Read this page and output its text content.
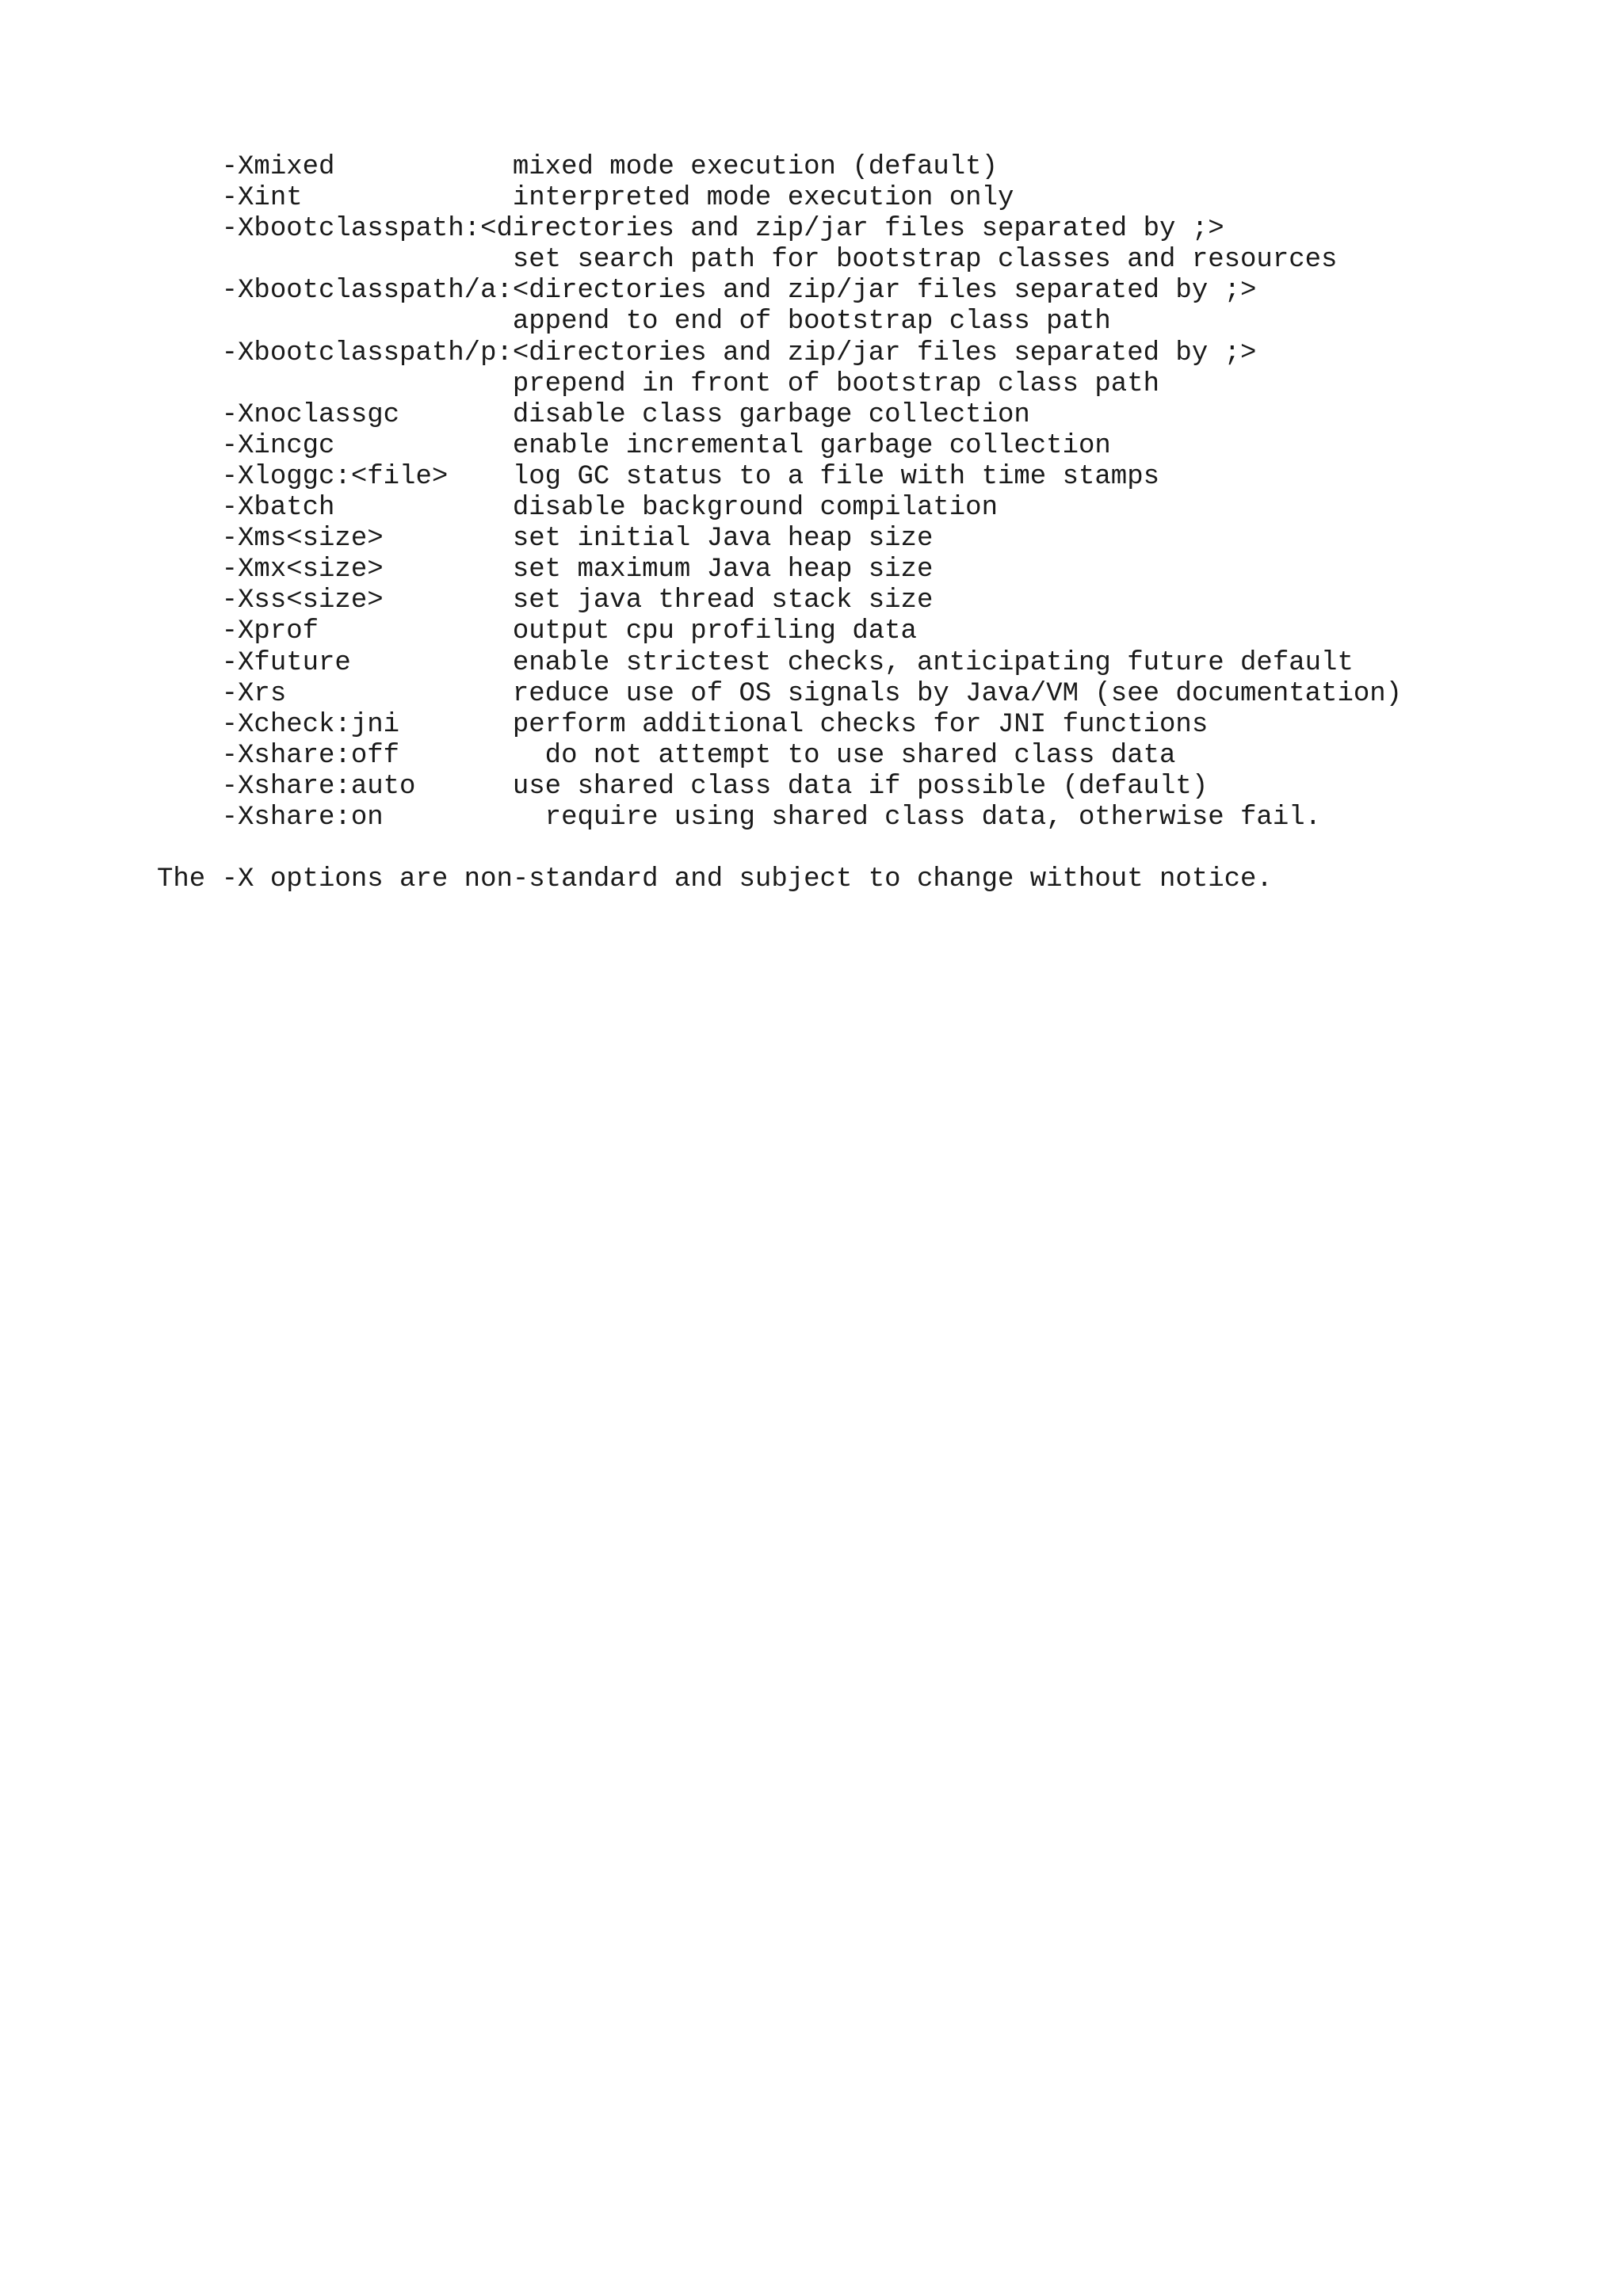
-Xmixed           mixed mode execution (default)
-Xint             interpreted mode execution only
-Xbootclasspath:<directories and zip/jar files separated by ;>
set search path for bootstrap classes and resources
-Xbootclasspath/a:<directories and zip/jar files separated by ;>
append to end of bootstrap class path
-Xbootclasspath/p:<directories and zip/jar files separated by ;>
prepend in front of bootstrap class path
-Xnoclassgc       disable class garbage collection
-Xincgc           enable incremental garbage collection
-Xloggc:<file>    log GC status to a file with time stamps
-Xbatch           disable background compilation
-Xms<size>        set initial Java heap size
-Xmx<size>        set maximum Java heap size
-Xss<size>        set java thread stack size
-Xprof            output cpu profiling data
-Xfuture          enable strictest checks, anticipating future default
-Xrs              reduce use of OS signals by Java/VM (see documentation)
-Xcheck:jni       perform additional checks for JNI functions
-Xshare:off         do not attempt to use shared class data
-Xshare:auto      use shared class data if possible (default)
-Xshare:on          require using shared class data, otherwise fail.
The -X options are non-standard and subject to change without notice.
